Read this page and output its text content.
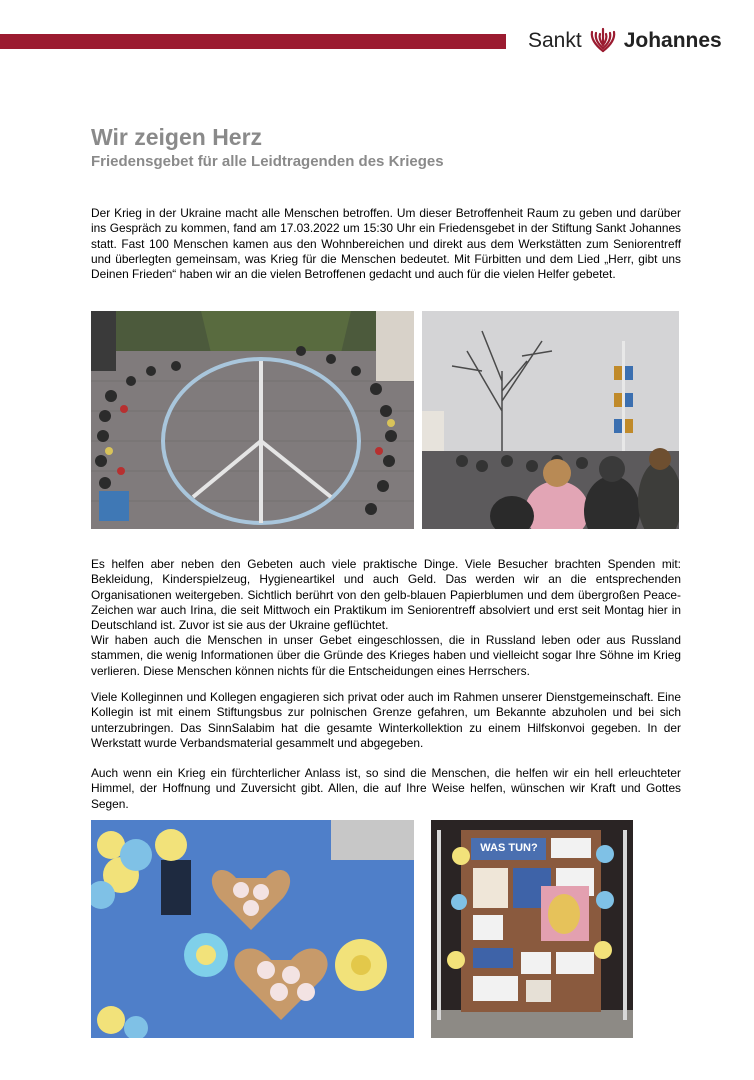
Sankt Johannes
Wir zeigen Herz
Friedensgebet für alle Leidtragenden des Krieges

Der Krieg in der Ukraine macht alle Menschen betroffen. Um dieser Betroffenheit Raum zu geben und darüber ins Gespräch zu kommen, fand am 17.03.2022 um 15:30 Uhr ein Friedensgebet in der Stiftung Sankt Johannes statt. Fast 100 Menschen kamen aus den Wohnbereichen und direkt aus dem Werkstätten zum Seniorentreff und überlegten gemeinsam, was Krieg für die Menschen bedeutet. Mit Fürbitten und dem Lied „Herr, gibt uns Deinen Frieden“ haben wir an die vielen Betroffenen gedacht und auch für die vielen Helfer gebetet.

Es helfen aber neben den Gebeten auch viele praktische Dinge. Viele Besucher brachten Spenden mit: Bekleidung, Kinderspielzeug, Hygieneartikel und auch Geld. Das werden wir an die entsprechenden Organisationen weitergeben. Sichtlich berührt von den gelb-blauen Papierblumen und dem übergroßen Peace-Zeichen war auch Irina, die seit Mittwoch ein Praktikum im Seniorentreff absolviert und erst seit Montag hier in Deutschland ist. Zuvor ist sie aus der Ukraine geflüchtet.

Wir haben auch die Menschen in unser Gebet eingeschlossen, die in Russland leben oder aus Russland stammen, die wenig Informationen über die Gründe des Krieges haben und vielleicht sogar Ihre Söhne im Krieg verlieren. Diese Menschen können nichts für die Entscheidungen eines Herrschers.

Viele Kolleginnen und Kollegen engagieren sich privat oder auch im Rahmen unserer Dienstgemeinschaft. Eine Kollegin ist mit einem Stiftungsbus zur polnischen Grenze gefahren, um Bekannte abzuholen und bei sich unterzubringen. Das SinnSalabim hat die gesamte Winterkollektion zu einem Hilfskonvoi gegeben. In der Werkstatt wurde Verbandsmaterial gesammelt und abgegeben.

Auch wenn ein Krieg ein fürchterlicher Anlass ist, so sind die Menschen, die helfen wir ein hell erleuchteter Himmel, der Hoffnung und Zuversicht gibt. Allen, die auf Ihre Weise helfen, wünschen wir Kraft und Gottes Segen.

WAS TUN?
